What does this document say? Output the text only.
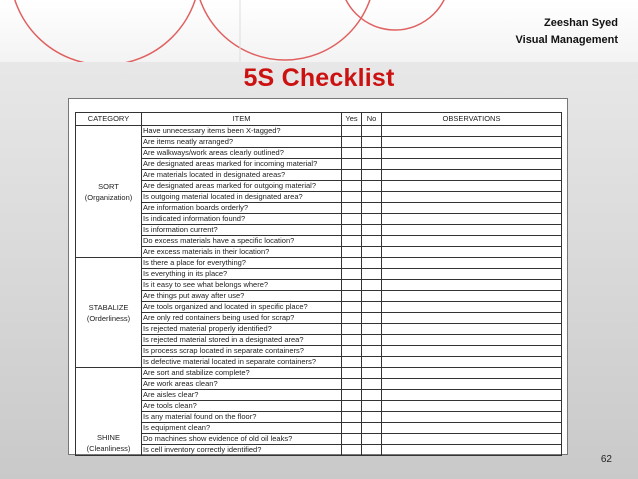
Zeeshan Syed
Visual Management
5S Checklist
CATEGORY	ITEM	Yes	No	OBSERVATIONS

SORT
(Organization)	Have unnecessary items been X-tagged?			
	Are items neatly arranged?			
	Are walkways/work areas clearly outlined?			
	Are designated areas marked for incoming material?			
	Are materials located in designated areas?			
	Are designated areas marked for outgoing material?			
	Is outgoing material located in designated area?			
	Are information boards orderly?			
	Is indicated information found?			
	Is information current?			
	Do excess materials have a specific location?			
	Are excess materials in their location?			

STABALIZE
(Orderliness)	Is there a place for everything?			
	Is everything in its place?			
	Is it easy to see what belongs where?			
	Are things put away after use?			
	Are tools organized and located in specific place?			
	Are only red containers being used for scrap?			
	Is rejected material properly identified?			
	Is rejected material stored in a designated area?			
	Is process scrap located in separate containers?			
	Is defective material located in separate containers?			

SHINE
(Cleanliness)	Are sort and stabilize complete?			
	Are work areas clean?			
	Are aisles clear?			
	Are tools clean?			
	Is any material found on the floor?			
	Is equipment clean?			
	Do machines show evidence of old oil leaks?			
	Is cell inventory correctly identified?			
62
